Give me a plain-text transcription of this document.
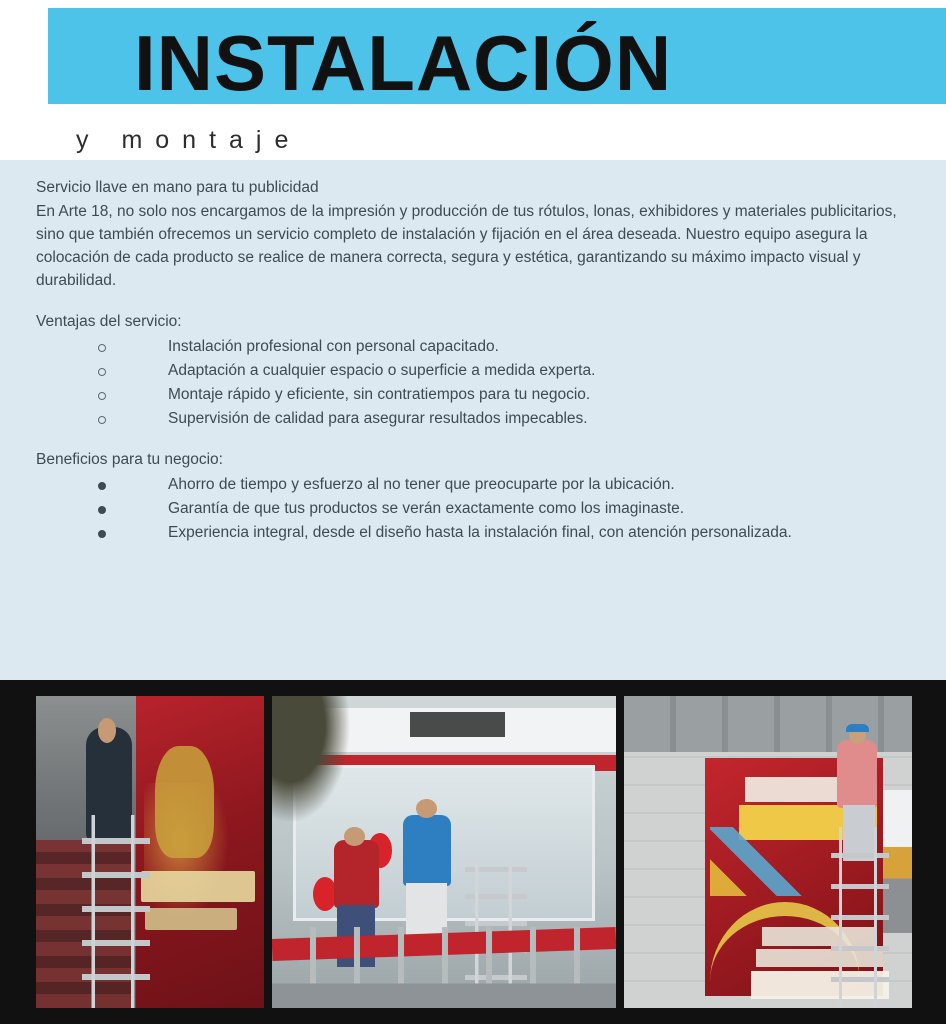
INSTALACIÓN
y montaje
Servicio llave en mano para tu publicidad
En Arte 18, no solo nos encargamos de la impresión y producción de tus rótulos, lonas, exhibidores y materiales publicitarios, sino que también ofrecemos un servicio completo de instalación y fijación en el área deseada. Nuestro equipo asegura la colocación de cada producto se realice de manera correcta, segura y estética, garantizando su máximo impacto visual y durabilidad.
Ventajas del servicio:
Instalación profesional con personal capacitado.
Adaptación a cualquier espacio o superficie a medida experta.
Montaje rápido y eficiente, sin contratiempos para tu negocio.
Supervisión de calidad para asegurar resultados impecables.
Beneficios para tu negocio:
Ahorro de tiempo y esfuerzo al no tener que preocuparte por la ubicación.
Garantía de que tus productos se verán exactamente como los imaginaste.
Experiencia integral, desde el diseño hasta la instalación final, con atención personalizada.
